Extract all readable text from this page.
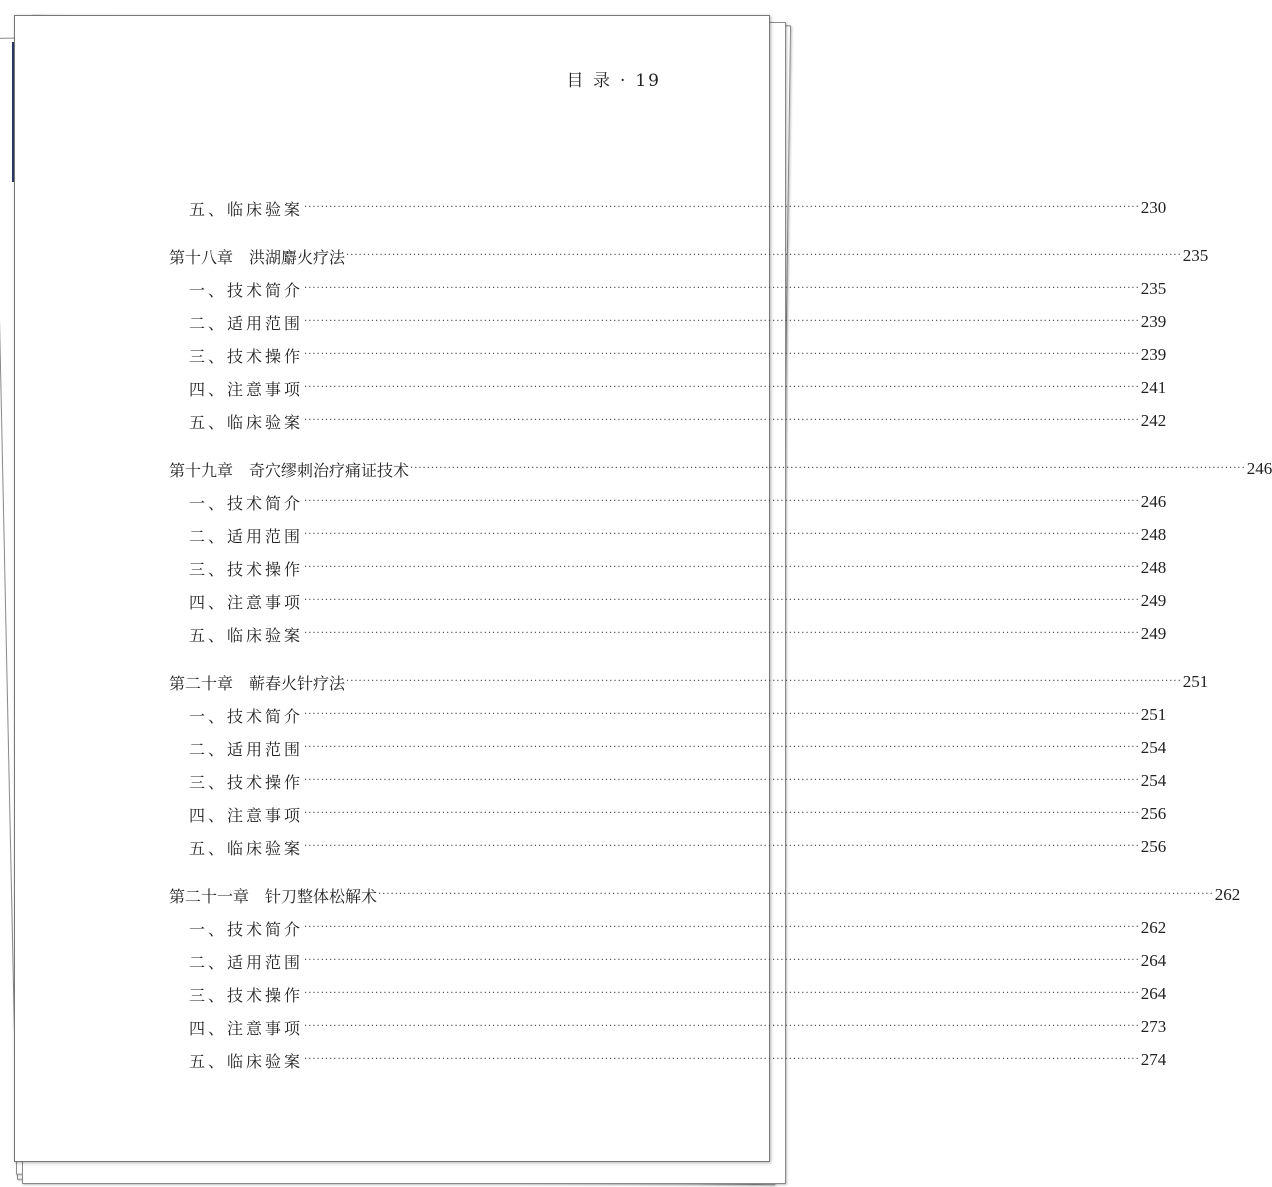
目 录 · 19
五、临床验案 ········································································································································································································ 230
第十八章　洪湖麝火疗法 ········································································································································································································ 235
一、技术简介 ········································································································································································································ 235
二、适用范围 ········································································································································································································ 239
三、技术操作 ········································································································································································································ 239
四、注意事项 ········································································································································································································ 241
五、临床验案 ········································································································································································································ 242
第十九章　奇穴缪刺治疗痛证技术 ········································································································································································································ 246
一、技术简介 ········································································································································································································ 246
二、适用范围 ········································································································································································································ 248
三、技术操作 ········································································································································································································ 248
四、注意事项 ········································································································································································································ 249
五、临床验案 ········································································································································································································ 249
第二十章　蕲春火针疗法 ········································································································································································································ 251
一、技术简介 ········································································································································································································ 251
二、适用范围 ········································································································································································································ 254
三、技术操作 ········································································································································································································ 254
四、注意事项 ········································································································································································································ 256
五、临床验案 ········································································································································································································ 256
第二十一章　针刀整体松解术 ········································································································································································································ 262
一、技术简介 ········································································································································································································ 262
二、适用范围 ········································································································································································································ 264
三、技术操作 ········································································································································································································ 264
四、注意事项 ········································································································································································································ 273
五、临床验案 ········································································································································································································ 274
